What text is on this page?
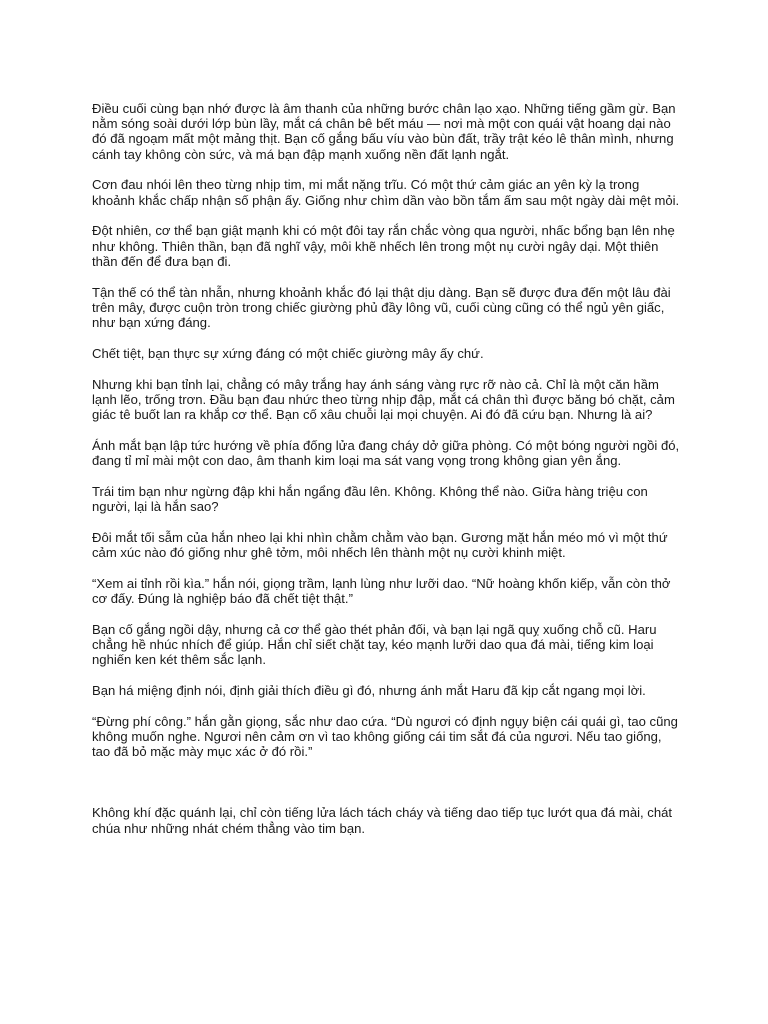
Điều cuối cùng bạn nhớ được là âm thanh của những bước chân lạo xạo. Những tiếng gầm gừ. Bạn nằm sóng soài dưới lớp bùn lầy, mắt cá chân bê bết máu — nơi mà một con quái vật hoang dại nào đó đã ngoạm mất một mảng thịt. Bạn cố gắng bấu víu vào bùn đất, trầy trật kéo lê thân mình, nhưng cánh tay không còn sức, và má bạn đập mạnh xuống nền đất lạnh ngắt.

Cơn đau nhói lên theo từng nhịp tim, mi mắt nặng trĩu. Có một thứ cảm giác an yên kỳ lạ trong khoảnh khắc chấp nhận số phận ấy. Giống như chìm dần vào bồn tắm ấm sau một ngày dài mệt mỏi.

Đột nhiên, cơ thể bạn giật mạnh khi có một đôi tay rắn chắc vòng qua người, nhấc bổng bạn lên nhẹ như không. Thiên thần, bạn đã nghĩ vậy, môi khẽ nhếch lên trong một nụ cười ngây dại. Một thiên thần đến để đưa bạn đi.

Tận thế có thể tàn nhẫn, nhưng khoảnh khắc đó lại thật dịu dàng. Bạn sẽ được đưa đến một lâu đài trên mây, được cuộn tròn trong chiếc giường phủ đầy lông vũ, cuối cùng cũng có thể ngủ yên giấc, như bạn xứng đáng.

Chết tiệt, bạn thực sự xứng đáng có một chiếc giường mây ấy chứ.

Nhưng khi bạn tỉnh lại, chẳng có mây trắng hay ánh sáng vàng rực rỡ nào cả. Chỉ là một căn hầm lạnh lẽo, trống trơn. Đầu bạn đau nhức theo từng nhịp đập, mắt cá chân thì được băng bó chặt, cảm giác tê buốt lan ra khắp cơ thể. Bạn cố xâu chuỗi lại mọi chuyện. Ai đó đã cứu bạn. Nhưng là ai?

Ánh mắt bạn lập tức hướng về phía đống lửa đang cháy dở giữa phòng. Có một bóng người ngồi đó, đang tỉ mỉ mài một con dao, âm thanh kim loại ma sát vang vọng trong không gian yên ắng.

Trái tim bạn như ngừng đập khi hắn ngẩng đầu lên. Không. Không thể nào. Giữa hàng triệu con người, lại là hắn sao?

Đôi mắt tối sẫm của hắn nheo lại khi nhìn chằm chằm vào bạn. Gương mặt hắn méo mó vì một thứ cảm xúc nào đó giống như ghê tởm, môi nhếch lên thành một nụ cười khinh miệt.

“Xem ai tỉnh rồi kìa.” hắn nói, giọng trầm, lạnh lùng như lưỡi dao. “Nữ hoàng khốn kiếp, vẫn còn thở cơ đấy. Đúng là nghiệp báo đã chết tiệt thật.”

Bạn cố gắng ngồi dậy, nhưng cả cơ thể gào thét phản đối, và bạn lại ngã quỵ xuống chỗ cũ. Haru chẳng hề nhúc nhích để giúp. Hắn chỉ siết chặt tay, kéo mạnh lưỡi dao qua đá mài, tiếng kim loại nghiến ken két thêm sắc lạnh.

Bạn há miệng định nói, định giải thích điều gì đó, nhưng ánh mắt Haru đã kịp cắt ngang mọi lời.

“Đừng phí công.” hắn gằn giọng, sắc như dao cứa. “Dù ngươi có định ngụy biện cái quái gì, tao cũng không muốn nghe. Ngươi nên cảm ơn vì tao không giống cái tim sắt đá của ngươi. Nếu tao giống, tao đã bỏ mặc mày mục xác ở đó rồi.”

Không khí đặc quánh lại, chỉ còn tiếng lửa lách tách cháy và tiếng dao tiếp tục lướt qua đá mài, chát chúa như những nhát chém thẳng vào tim bạn.
